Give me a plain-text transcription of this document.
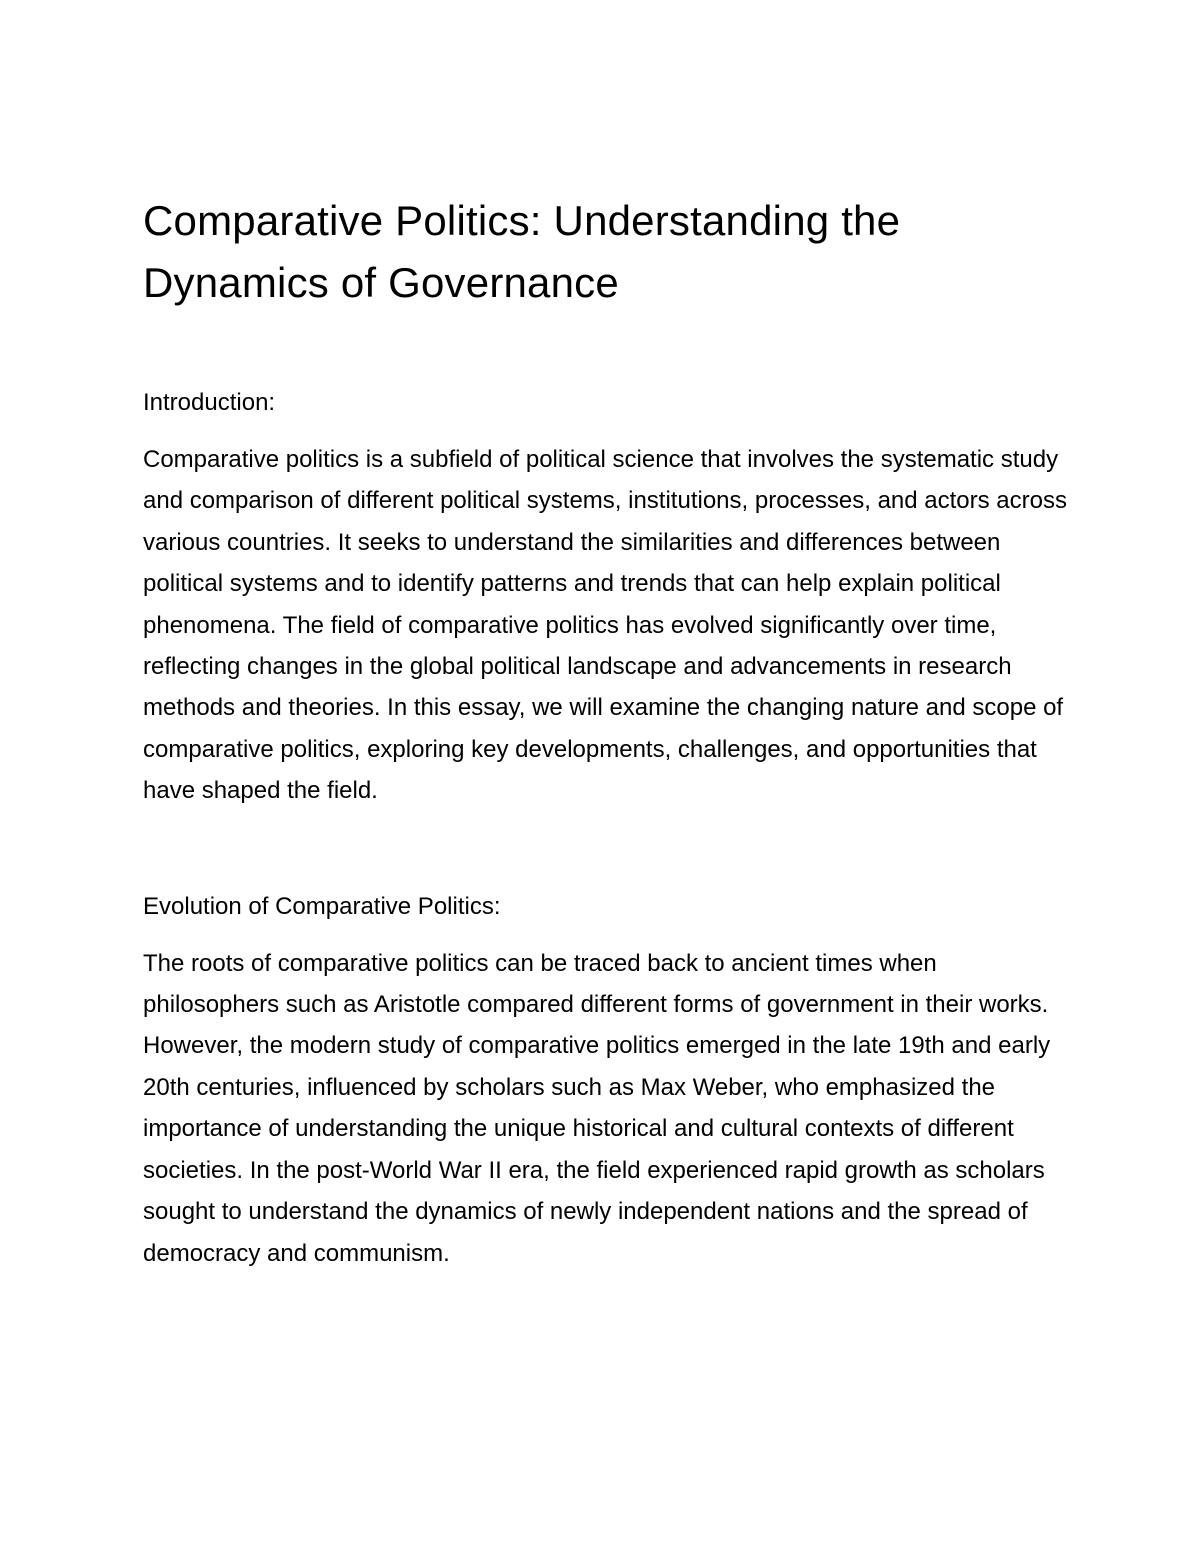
Comparative Politics: Understanding the Dynamics of Governance
Introduction:

Comparative politics is a subfield of political science that involves the systematic study and comparison of different political systems, institutions, processes, and actors across various countries. It seeks to understand the similarities and differences between political systems and to identify patterns and trends that can help explain political phenomena. The field of comparative politics has evolved significantly over time, reflecting changes in the global political landscape and advancements in research methods and theories. In this essay, we will examine the changing nature and scope of comparative politics, exploring key developments, challenges, and opportunities that have shaped the field.

Evolution of Comparative Politics:

The roots of comparative politics can be traced back to ancient times when philosophers such as Aristotle compared different forms of government in their works. However, the modern study of comparative politics emerged in the late 19th and early 20th centuries, influenced by scholars such as Max Weber, who emphasized the importance of understanding the unique historical and cultural contexts of different societies. In the post-World War II era, the field experienced rapid growth as scholars sought to understand the dynamics of newly independent nations and the spread of democracy and communism.
